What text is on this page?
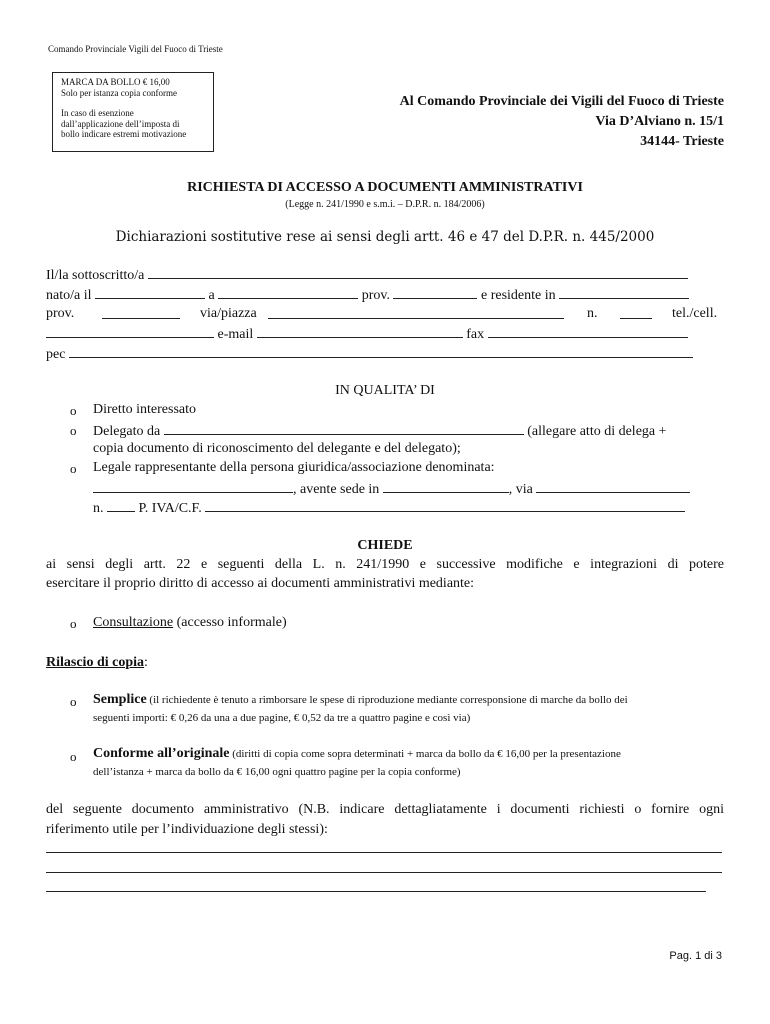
Comando Provinciale Vigili del Fuoco di Trieste
MARCA DA BOLLO € 16,00
Solo per istanza copia conforme
In caso di esenzione
dall’applicazione dell’imposta di
bollo indicare estremi motivazione
Al Comando Provinciale dei Vigili del Fuoco di Trieste
Via D’Alviano n. 15/1
34144- Trieste
RICHIESTA DI ACCESSO A DOCUMENTI AMMINISTRATIVI
(Legge n. 241/1990 e s.m.i. – D.P.R. n. 184/2006)
Dichiarazioni sostitutive rese ai sensi degli artt. 46 e 47 del D.P.R. n. 445/2000
Il/la sottoscritto/a
nato/a il	a	prov.	e residente in
prov.	via/piazza	n.	tel./cell.
e-mail	fax
pec
IN QUALITA’ DI
o Diretto interessato
o Delegato da	(allegare atto di delega +
copia documento di riconoscimento del delegante e del delegato);
o Legale rappresentante della persona giuridica/associazione denominata:
, avente sede in	, via
n.	P. IVA/C.F.
CHIEDE
ai sensi degli artt. 22 e seguenti della L. n. 241/1990 e successive modifiche e integrazioni di potere
esercitare il proprio diritto di accesso ai documenti amministrativi mediante:
o Consultazione (accesso informale)
Rilascio di copia:
o Semplice (il richiedente è tenuto a rimborsare le spese di riproduzione mediante corresponsione di marche da bollo dei
seguenti importi: € 0,26 da una a due pagine, € 0,52 da tre a quattro pagine e così via)
o Conforme all’originale (diritti di copia come sopra determinati + marca da bollo da € 16,00 per la presentazione
dell’istanza + marca da bollo da € 16,00 ogni quattro pagine per la copia conforme)
del seguente documento amministrativo (N.B. indicare dettagliatamente i documenti richiesti o fornire ogni
riferimento utile per l’individuazione degli stessi):
Pag. 1 di 3
